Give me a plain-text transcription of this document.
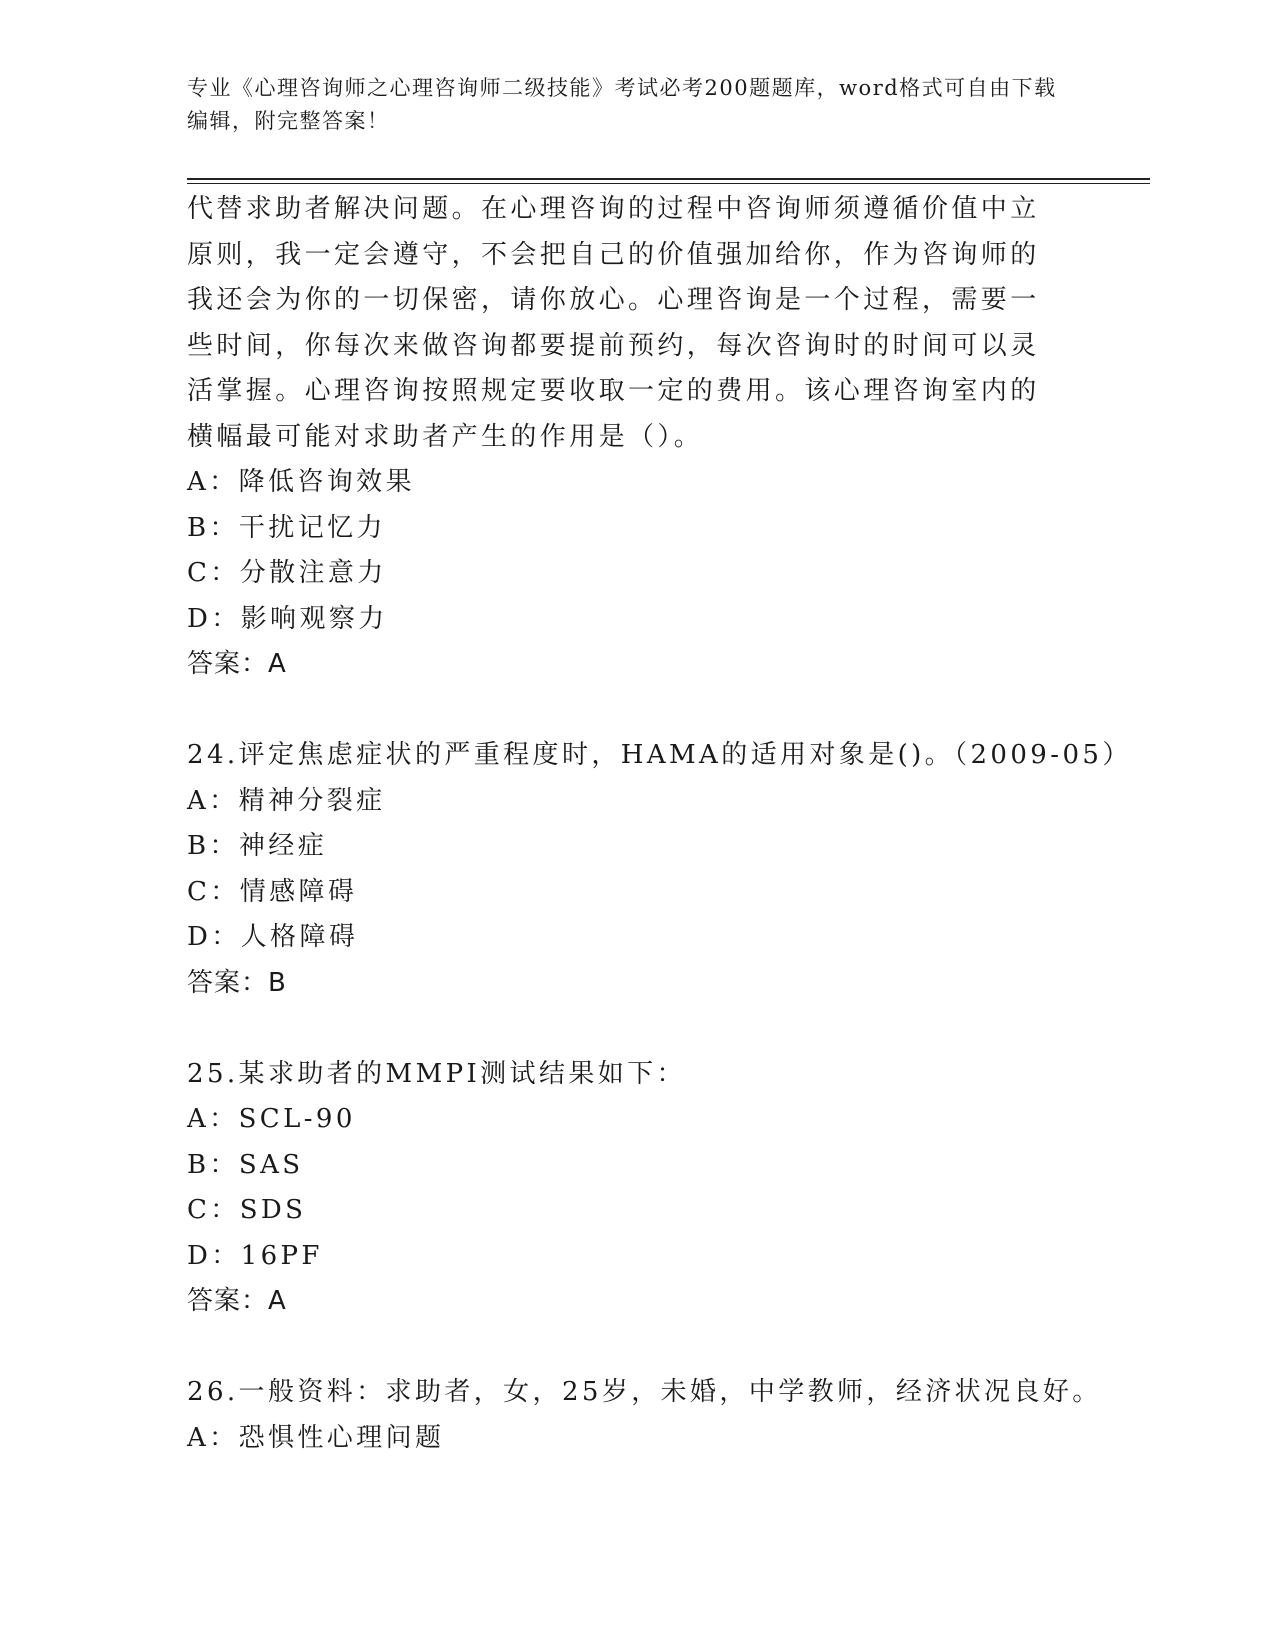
专业《心理咨询师之心理咨询师二级技能》考试必考200题题库，word格式可自由下载编辑，附完整答案！
代替求助者解决问题。在心理咨询的过程中咨询师须遵循价值中立原则，我一定会遵守，不会把自己的价值强加给你，作为咨询师的我还会为你的一切保密，请你放心。心理咨询是一个过程，需要一些时间，你每次来做咨询都要提前预约，每次咨询时的时间可以灵活掌握。心理咨询按照规定要收取一定的费用。该心理咨询室内的横幅最可能对求助者产生的作用是（）。
A：降低咨询效果
B：干扰记忆力
C：分散注意力
D：影响观察力
答案：A
24.评定焦虑症状的严重程度时，HAMA的适用对象是()。（2009-05）
A：精神分裂症
B：神经症
C：情感障碍
D：人格障碍
答案：B
25.某求助者的MMPI测试结果如下：
A：SCL-90
B：SAS
C：SDS
D：16PF
答案：A
26.一般资料：求助者，女，25岁，未婚，中学教师，经济状况良好。
A：恐惧性心理问题
